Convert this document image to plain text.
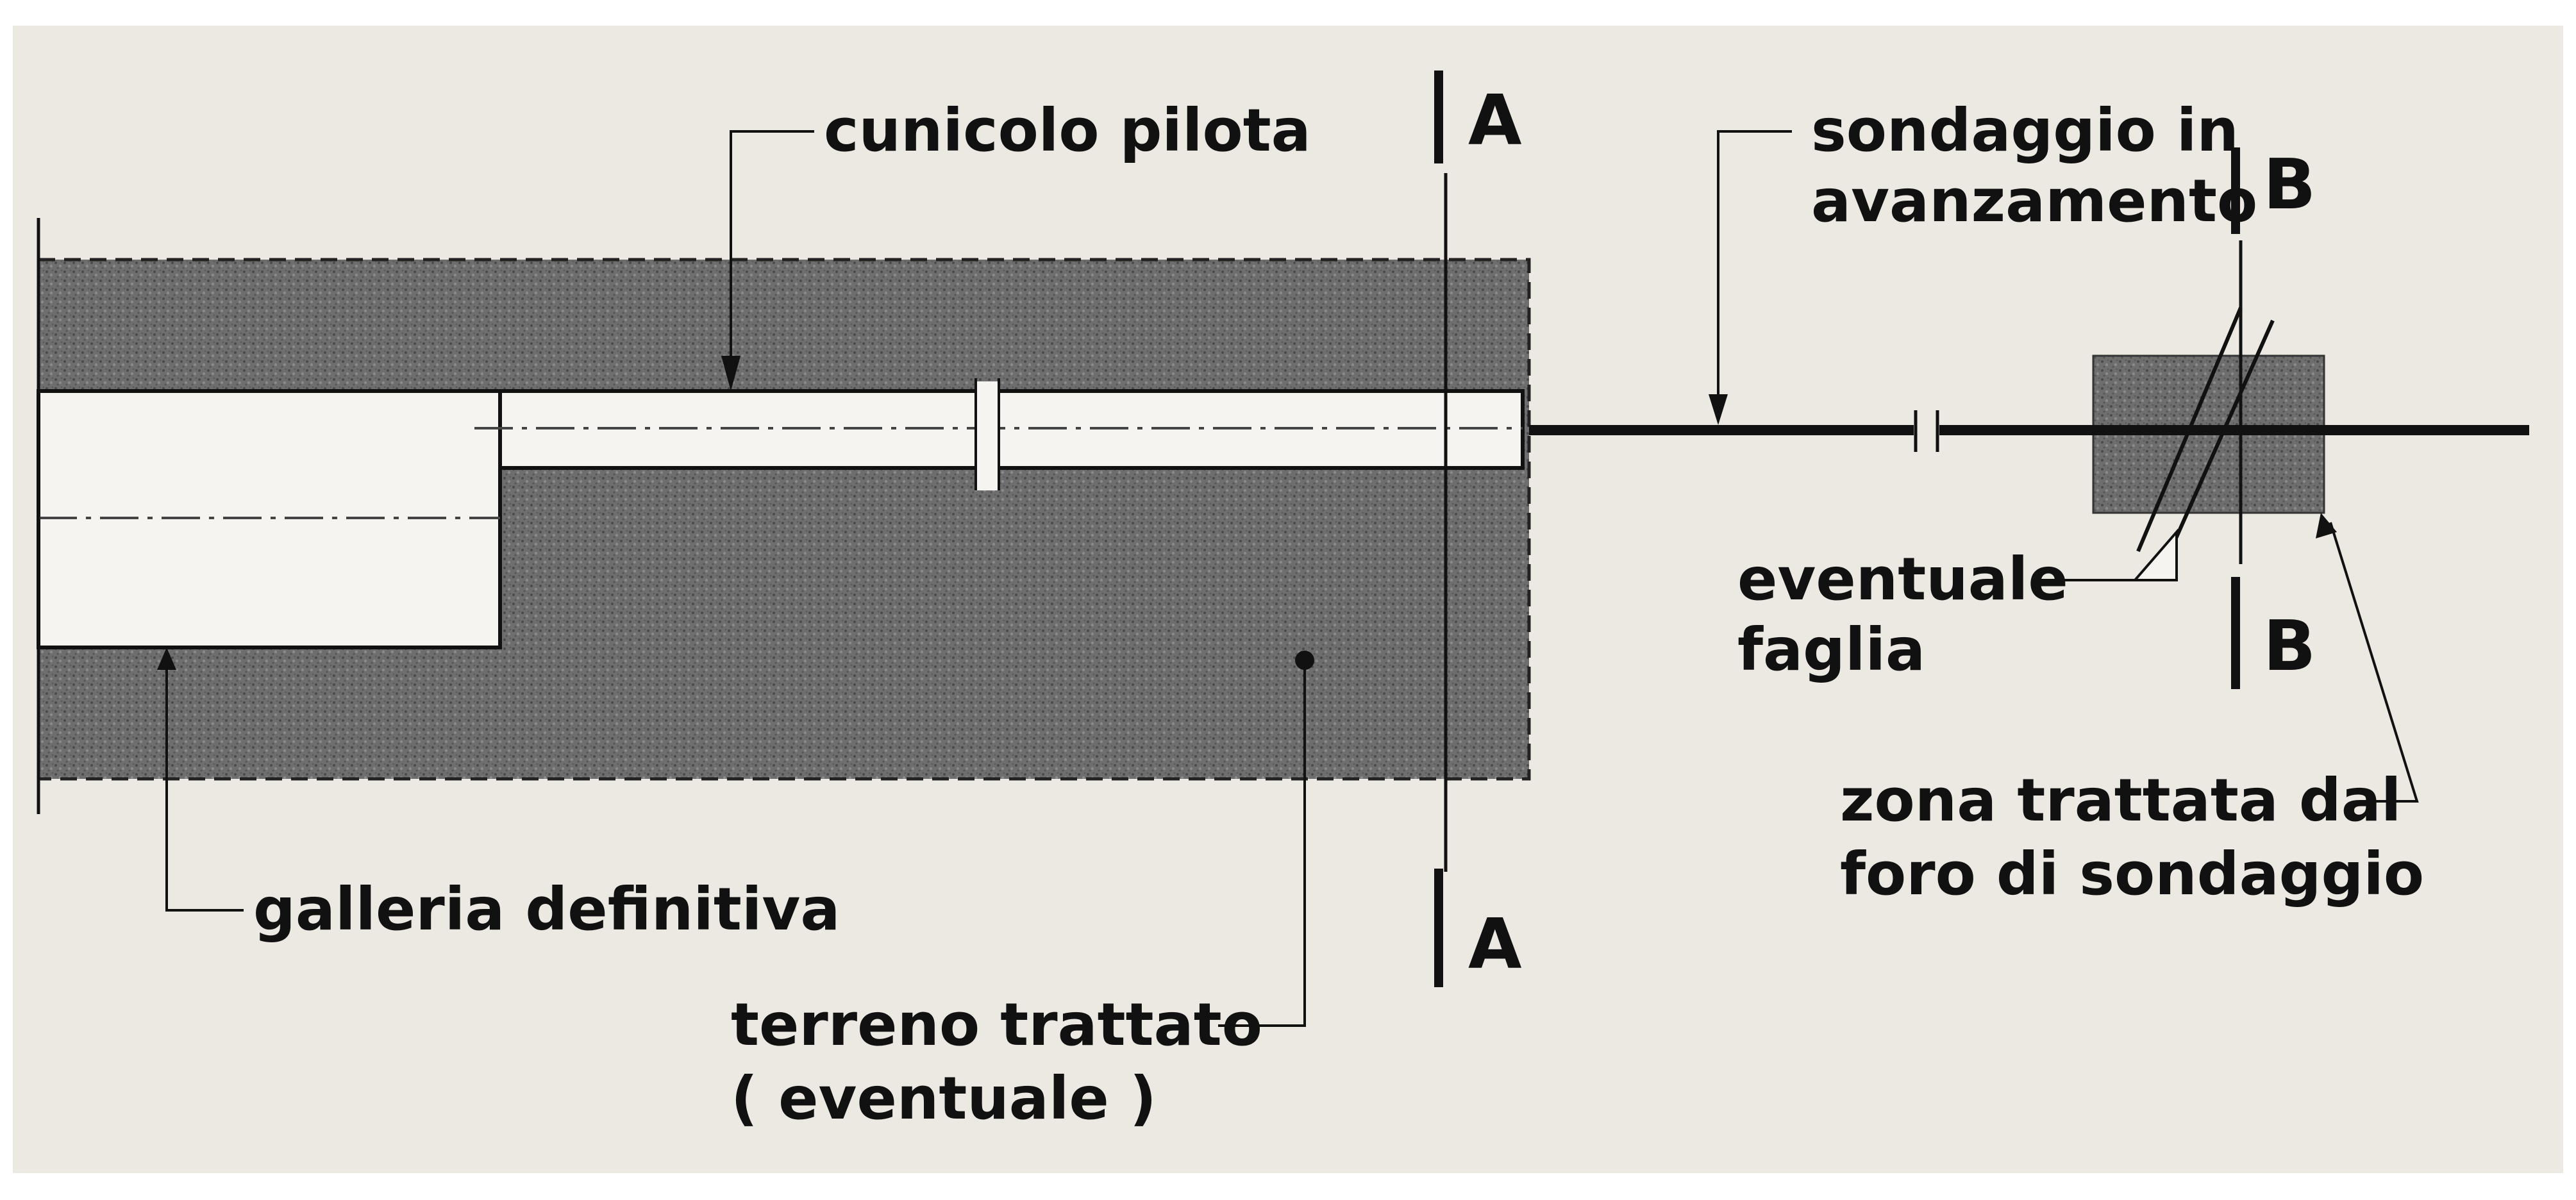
A
A
B
B
cunicolo pilota	sondaggio in
avanzamento
eventuale
faglia
zona trattata dal
foro di sondaggio
galleria definitiva
terreno trattato
( eventuale )
